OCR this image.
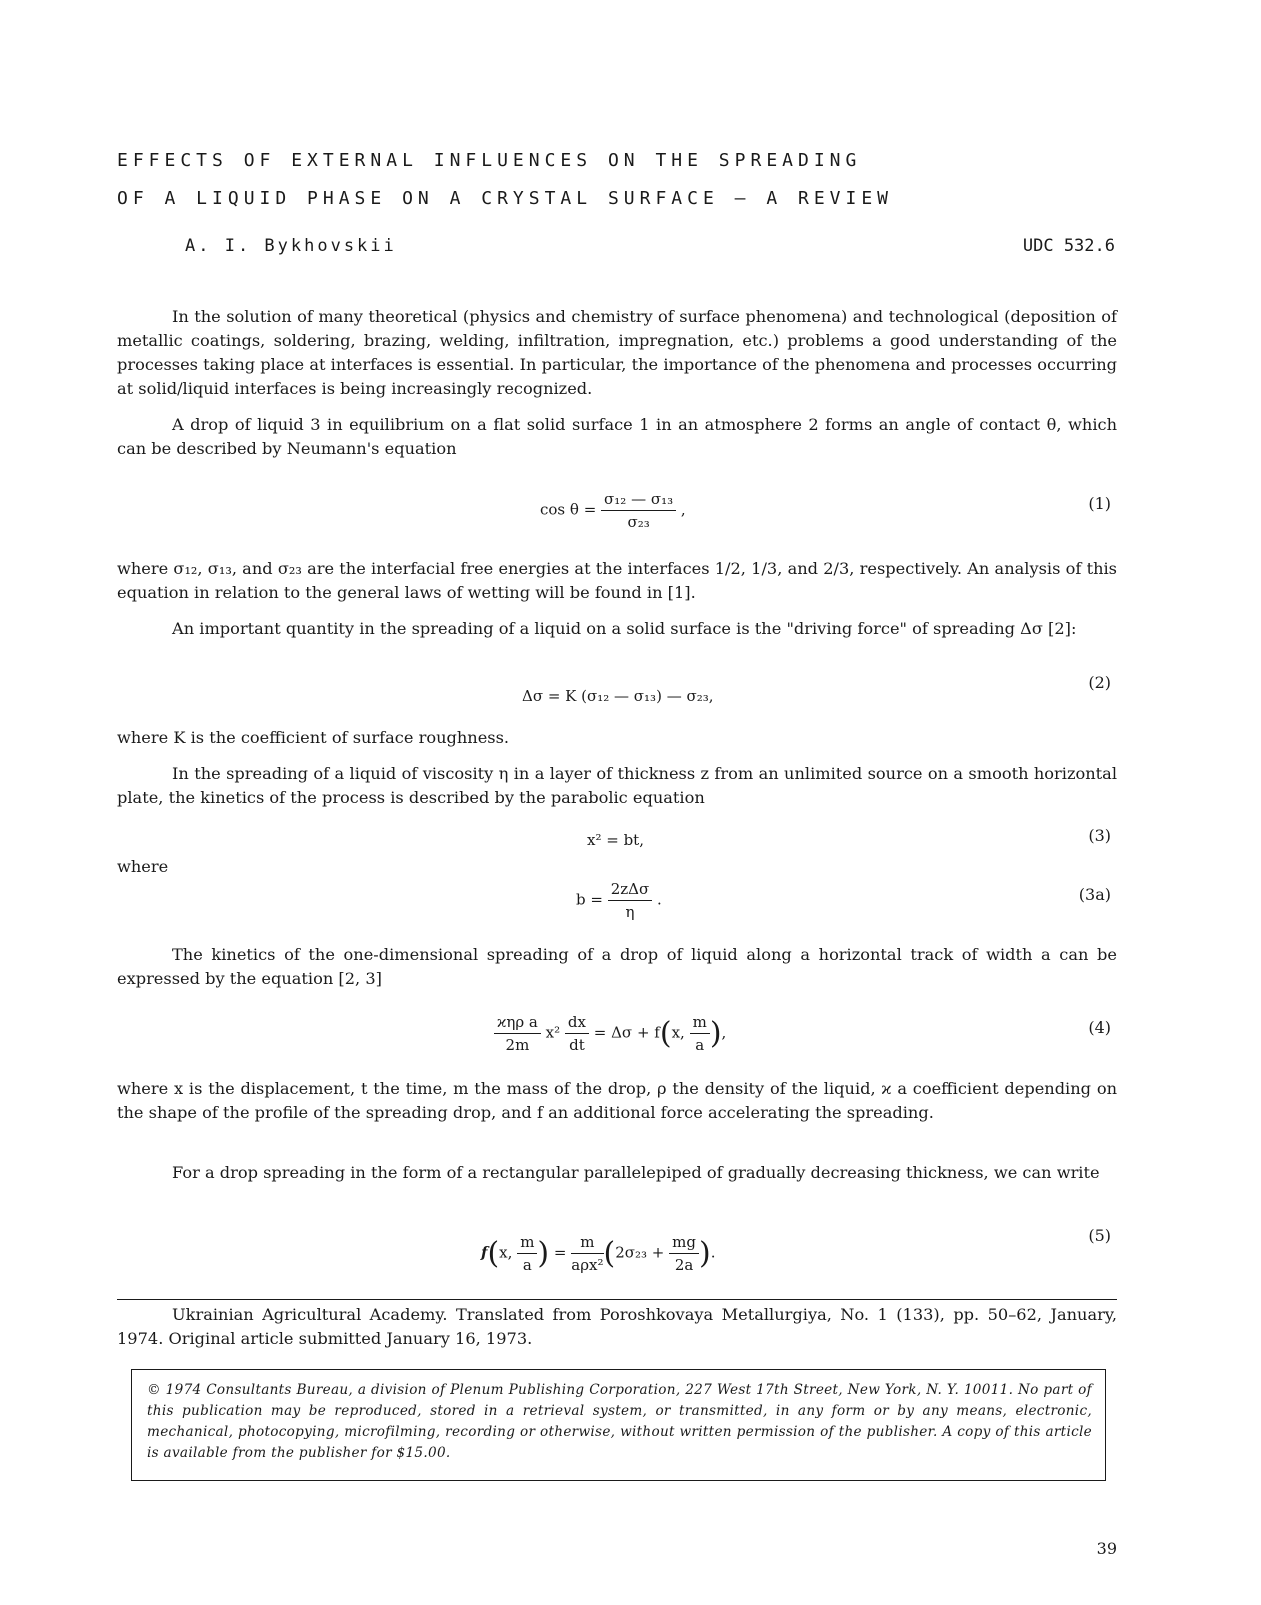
EFFECTS OF EXTERNAL INFLUENCES ON THE SPREADING
OF A LIQUID PHASE ON A CRYSTAL SURFACE — A REVIEW
A. I. Bykhovskii	UDC 532.6
In the solution of many theoretical (physics and chemistry of surface phenomena) and technological (deposition of metallic coatings, soldering, brazing, welding, infiltration, impregnation, etc.) problems a good understanding of the processes taking place at interfaces is essential. In particular, the importance of the phenomena and processes occurring at solid/liquid interfaces is being increasingly recognized.
A drop of liquid 3 in equilibrium on a flat solid surface 1 in an atmosphere 2 forms an angle of contact θ, which can be described by Neumann's equation
$\cos \theta = \frac{\text{σ₁₂ — σ₁₃}}{\text{σ₂₃}}$ ,	(1)
where σ₁₂, σ₁₃, and σ₂₃ are the interfacial free energies at the interfaces 1/2, 1/3, and 2/3, respectively. An analysis of this equation in relation to the general laws of wetting will be found in [1].
An important quantity in the spreading of a liquid on a solid surface is the "driving force" of spreading Δσ [2]:
Δσ = K (σ₁₂ — σ₁₃) — σ₂₃,
(2)
where K is the coefficient of surface roughness.
In the spreading of a liquid of viscosity η in a layer of thickness z from an unlimited source on a smooth horizontal plate, the kinetics of the process is described by the parabolic equation
x² = bt,	(3)
where
$b = \frac{\text{2zΔσ}}{\eta}$ .	(3a)
The kinetics of the one-dimensional spreading of a drop of liquid along a horizontal track of width a can be expressed by the equation [2, 3]
$\frac{\text{ϰηρ a}}{2m} x^2 \frac{dx}{dt} = \Delta\sigma + f(x$, $\frac{m}{a}$ ),	(4)
where x is the displacement, t the time, m the mass of the drop, ρ the density of the liquid, ϰ a coefficient depending on the shape of the profile of the spreading drop, and f an additional force accelerating the spreading.
For a drop spreading in the form of a rectangular parallelepiped of gradually decreasing thickness, we can write
f(x, $\frac{m}{a}$ ) = $\frac{m}{\text{aρx²}} (2\sigma_{23} + \frac{mg}{2a}$ ).
(5)
Ukrainian Agricultural Academy. Translated from Poroshkovaya Metallurgiya, No. 1 (133), pp. 50–62, January, 1974. Original article submitted January 16, 1973.
© 1974 Consultants Bureau, a division of Plenum Publishing Corporation, 227 West 17th Street, New York, N. Y. 10011. No part of this publication may be reproduced, stored in a retrieval system, or transmitted, in any form or by any means, electronic, mechanical, photocopying, microfilming, recording or otherwise, without written permission of the publisher. A copy of this article is available from the publisher for $15.00.
39
